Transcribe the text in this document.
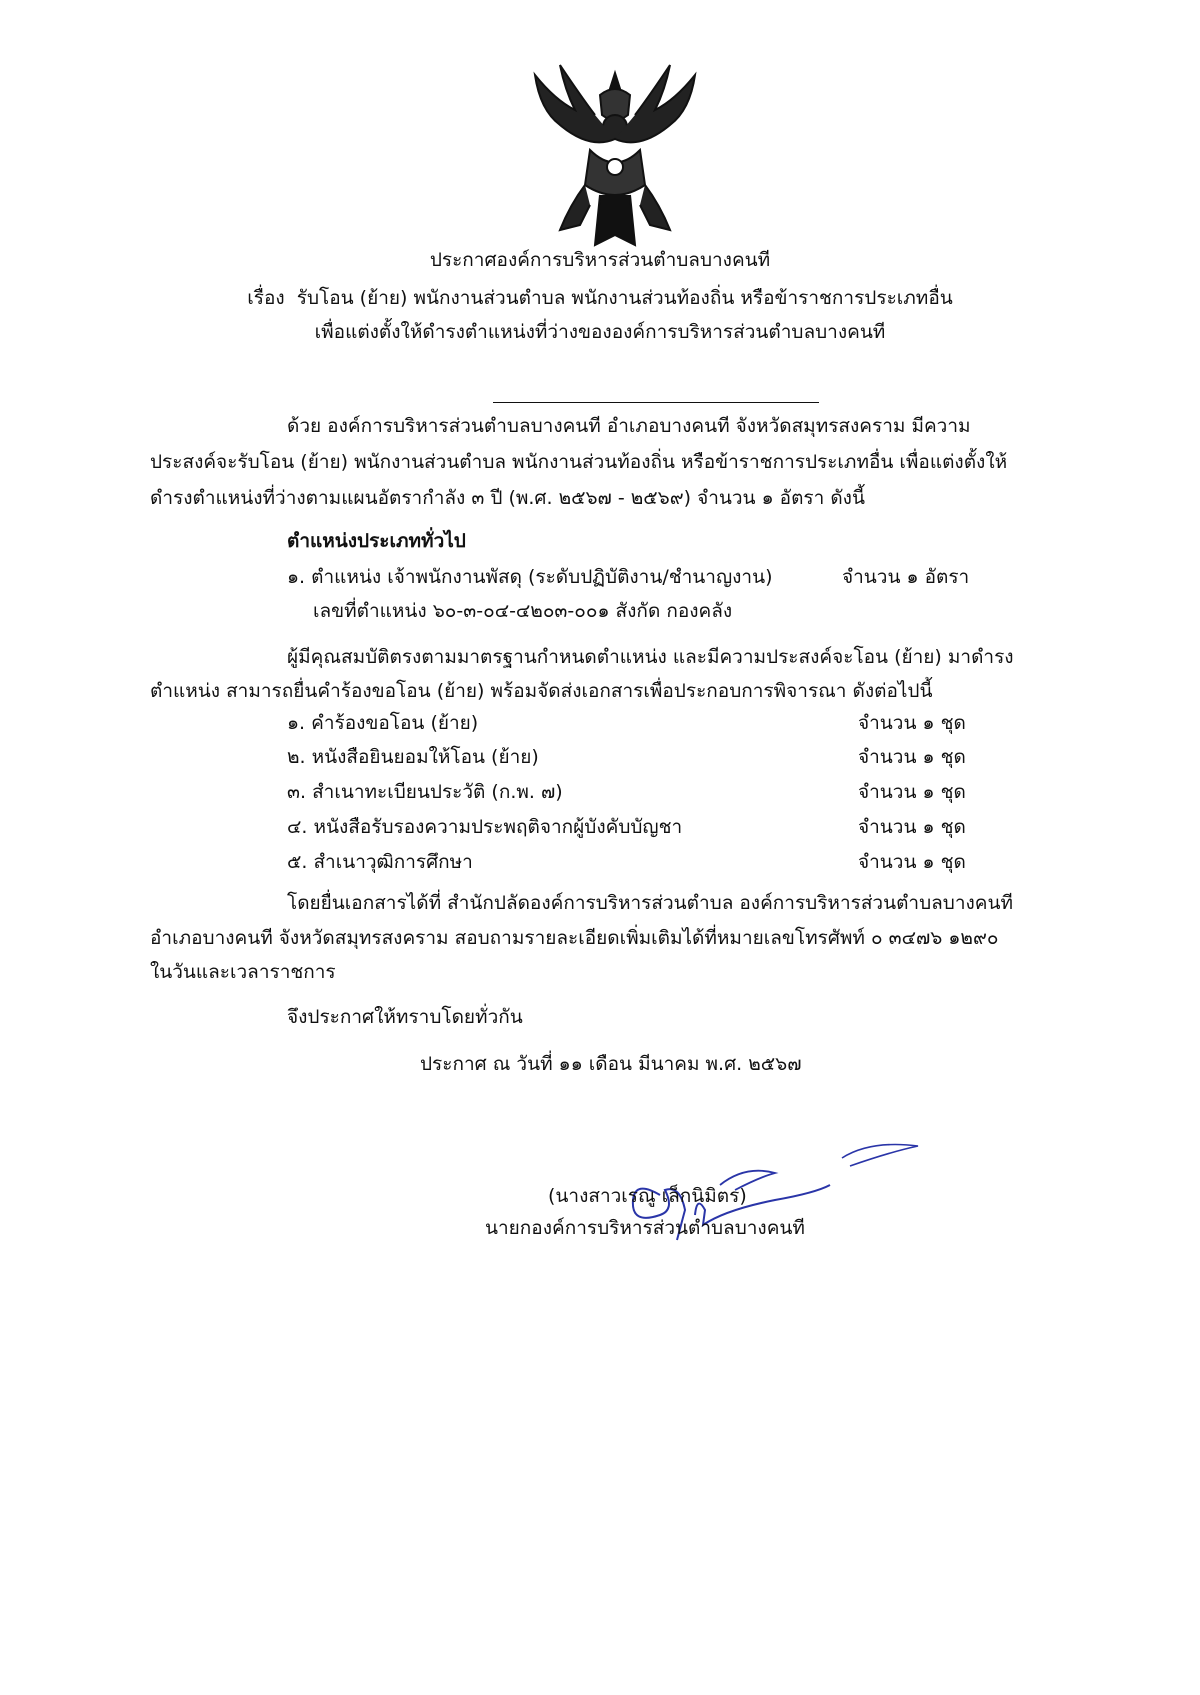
ประกาศองค์การบริหารส่วนตำบลบางคนที
เรื่อง รับโอน (ย้าย) พนักงานส่วนตำบล พนักงานส่วนท้องถิ่น หรือข้าราชการประเภทอื่น
เพื่อแต่งตั้งให้ดำรงตำแหน่งที่ว่างขององค์การบริหารส่วนตำบลบางคนที
ด้วย องค์การบริหารส่วนตำบลบางคนที อำเภอบางคนที จังหวัดสมุทรสงคราม มีความ
ประสงค์จะรับโอน (ย้าย) พนักงานส่วนตำบล พนักงานส่วนท้องถิ่น หรือข้าราชการประเภทอื่น เพื่อแต่งตั้งให้
ดำรงตำแหน่งที่ว่างตามแผนอัตรากำลัง ๓ ปี (พ.ศ. ๒๕๖๗ - ๒๕๖๙) จำนวน ๑ อัตรา ดังนี้
ตำแหน่งประเภททั่วไป
๑. ตำแหน่ง เจ้าพนักงานพัสดุ (ระดับปฏิบัติงาน/ชำนาญงาน)	จำนวน ๑ อัตรา
เลขที่ตำแหน่ง ๖๐-๓-๐๔-๔๒๐๓-๐๐๑ สังกัด กองคลัง
ผู้มีคุณสมบัติตรงตามมาตรฐานกำหนดตำแหน่ง และมีความประสงค์จะโอน (ย้าย) มาดำรง
ตำแหน่ง สามารถยื่นคำร้องขอโอน (ย้าย) พร้อมจัดส่งเอกสารเพื่อประกอบการพิจารณา ดังต่อไปนี้
๑. คำร้องขอโอน (ย้าย)	จำนวน ๑ ชุด
๒. หนังสือยินยอมให้โอน (ย้าย)	จำนวน ๑ ชุด
๓. สำเนาทะเบียนประวัติ (ก.พ. ๗)	จำนวน ๑ ชุด
๔. หนังสือรับรองความประพฤติจากผู้บังคับบัญชา	จำนวน ๑ ชุด
๕. สำเนาวุฒิการศึกษา	จำนวน ๑ ชุด
โดยยื่นเอกสารได้ที่ สำนักปลัดองค์การบริหารส่วนตำบล องค์การบริหารส่วนตำบลบางคนที
อำเภอบางคนที จังหวัดสมุทรสงคราม สอบถามรายละเอียดเพิ่มเติมได้ที่หมายเลขโทรศัพท์ ๐ ๓๔๗๖ ๑๒๙๐
ในวันและเวลาราชการ
จึงประกาศให้ทราบโดยทั่วกัน
ประกาศ ณ วันที่ ๑๑ เดือน มีนาคม พ.ศ. ๒๕๖๗
(นางสาวเรณู เล็กนิมิตร)
นายกองค์การบริหารส่วนตำบลบางคนที
